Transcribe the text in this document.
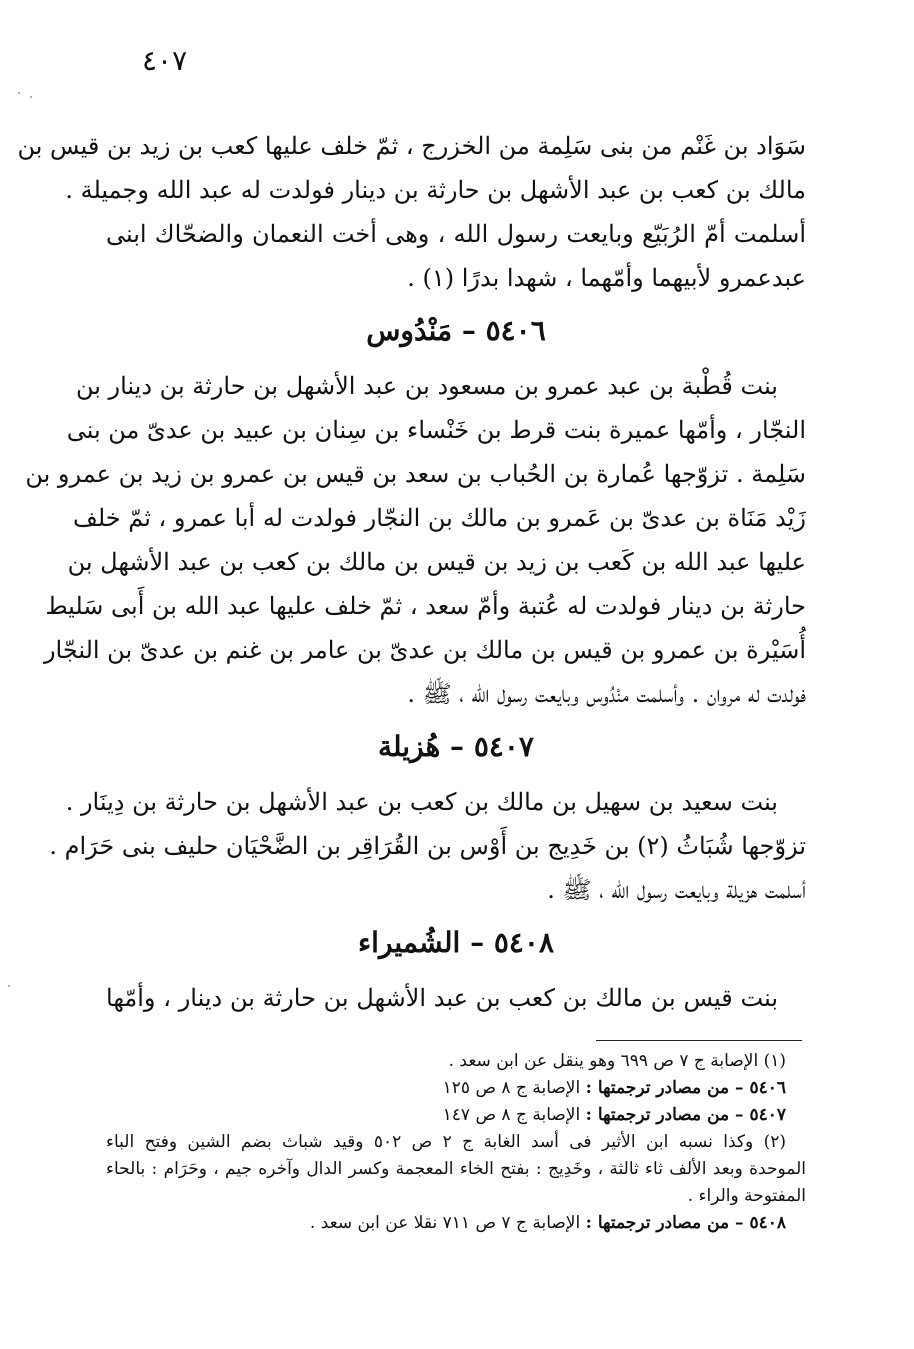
٤٠٧
سَوَاد بن غَنْم من بنى سَلِمة من الخزرج ، ثمّ خلف عليها كعب بن زيد بن قيس بن
مالك بن كعب بن عبد الأشهل بن حارثة بن دينار فولدت له عبد الله وجميلة .
أسلمت أمّ الرُبَيّع وبايعت رسول الله ، وهى أخت النعمان والضحّاك ابنى
عبدعمرو لأبيهما وأمّهما ، شهدا بدرًا (١) .
٥٤٠٦ – مَنْدُوس
بنت قُطْبة بن عبد عمرو بن مسعود بن عبد الأشهل بن حارثة بن دينار بن
النجّار ، وأمّها عميرة بنت قرط بن خَنْساء بن سِنان بن عبيد بن عدىّ من بنى
سَلِمة . تزوّجها عُمارة بن الحُباب بن سعد بن قيس بن عمرو بن زيد بن عمرو بن
زَيْد مَنَاة بن عدىّ بن عَمرو بن مالك بن النجّار فولدت له أبا عمرو ، ثمّ خلف
عليها عبد الله بن كَعب بن زيد بن قيس بن مالك بن كعب بن عبد الأشهل بن
حارثة بن دينار فولدت له عُتبة وأمّ سعد ، ثمّ خلف عليها عبد الله بن أَبى سَليط
أُسَيْرة بن عمرو بن قيس بن مالك بن عدىّ بن عامر بن غنم بن عدىّ بن النجّار
فولدت له مروان . وأسلمت منْدُوس وبايعت رسول الله ، ﷺ .
٥٤٠٧ – هُزيلة
بنت سعيد بن سهيل بن مالك بن كعب بن عبد الأشهل بن حارثة بن دِينَار .
تزوّجها شُبَاثُ (٢) بن خَدِيج بن أَوْس بن القُرَاقِر بن الضَّحْيَان حليف بنى حَرَام .
أسلمت هزيلة وبايعت رسول الله ، ﷺ .
٥٤٠٨ – الشُميراء
بنت قيس بن مالك بن كعب بن عبد الأشهل بن حارثة بن دينار ، وأمّها
(١) الإصابة ج ٧ ص ٦٩٩ وهو ينقل عن ابن سعد .
٥٤٠٦ – من مصادر ترجمتها : الإصابة ج ٨ ص ١٢٥
٥٤٠٧ – من مصادر ترجمتها : الإصابة ج ٨ ص ١٤٧
(٢) وكذا نسبه ابن الأثير فى أسد الغابة ج ٢ ص ٥٠٢ وقيد شباث بضم الشين وفتح الباء
الموحدة وبعد الألف ثاء ثالثة ، وخَدِيج : بفتح الخاء المعجمة وكسر الدال وآخره جيم ، وحَرَام : بالحاء
المفتوحة والراء .
٥٤٠٨ – من مصادر ترجمتها : الإصابة ج ٧ ص ٧١١ نقلا عن ابن سعد .
